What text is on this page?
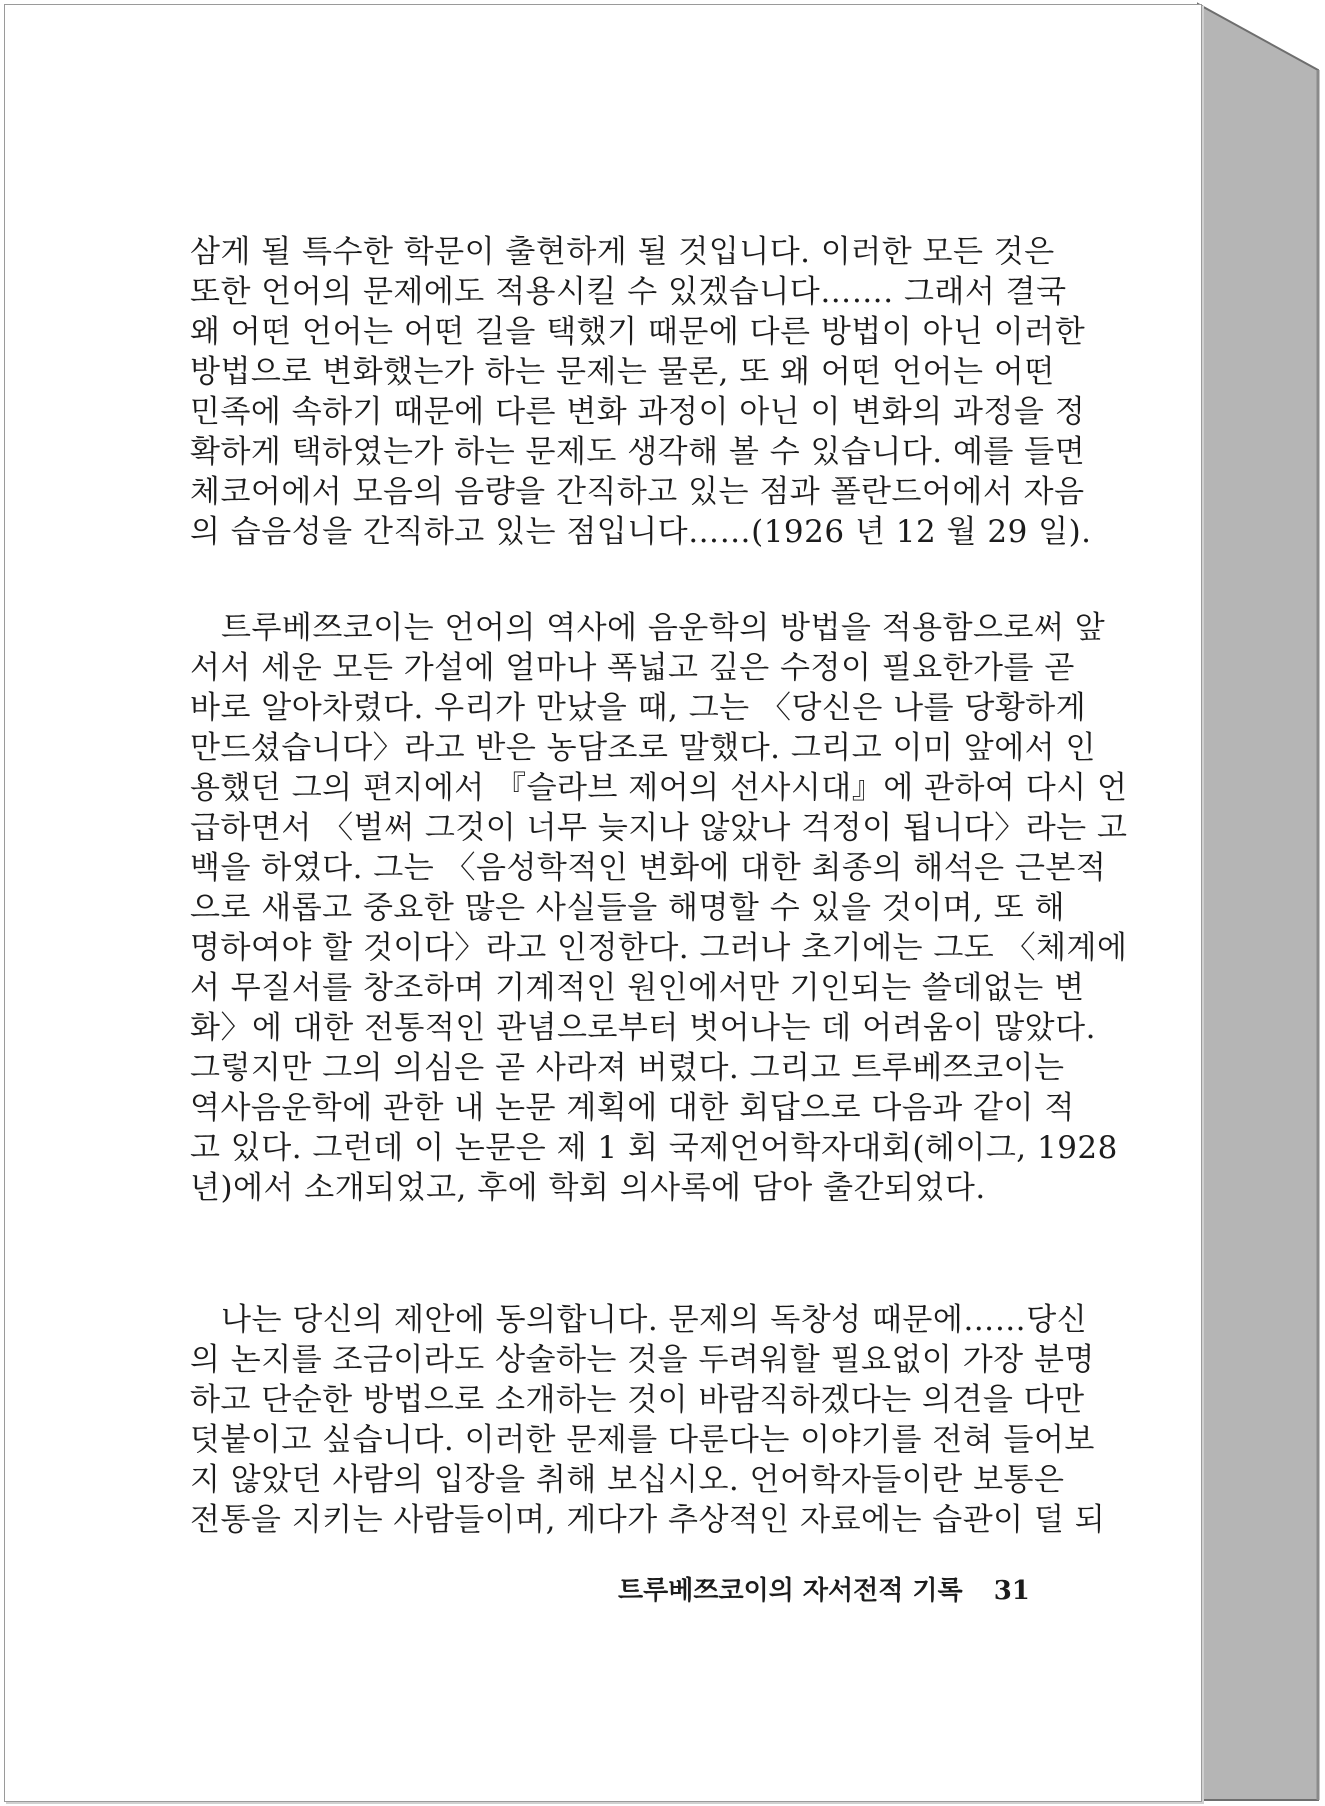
삼게 될 특수한 학문이 출현하게 될 것입니다. 이러한 모든 것은
또한 언어의 문제에도 적용시킬 수 있겠습니다……. 그래서 결국
왜 어떤 언어는 어떤 길을 택했기 때문에 다른 방법이 아닌 이러한
방법으로 변화했는가 하는 문제는 물론, 또 왜 어떤 언어는 어떤
민족에 속하기 때문에 다른 변화 과정이 아닌 이 변화의 과정을 정
확하게 택하였는가 하는 문제도 생각해 볼 수 있습니다. 예를 들면
체코어에서 모음의 음량을 간직하고 있는 점과 폴란드어에서 자음
의 습음성을 간직하고 있는 점입니다……(1926 년 12 월 29 일).
트루베쯔코이는 언어의 역사에 음운학의 방법을 적용함으로써 앞
서서 세운 모든 가설에 얼마나 폭넓고 깊은 수정이 필요한가를 곧
바로 알아차렸다. 우리가 만났을 때, 그는 〈당신은 나를 당황하게
만드셨습니다〉라고 반은 농담조로 말했다. 그리고 이미 앞에서 인
용했던 그의 편지에서 『슬라브 제어의 선사시대』에 관하여 다시 언
급하면서 〈벌써 그것이 너무 늦지나 않았나 걱정이 됩니다〉라는 고
백을 하였다. 그는 〈음성학적인 변화에 대한 최종의 해석은 근본적
으로 새롭고 중요한 많은 사실들을 해명할 수 있을 것이며, 또 해
명하여야 할 것이다〉라고 인정한다. 그러나 초기에는 그도 〈체계에
서 무질서를 창조하며 기계적인 원인에서만 기인되는 쓸데없는 변
화〉에 대한 전통적인 관념으로부터 벗어나는 데 어려움이 많았다.
그렇지만 그의 의심은 곧 사라져 버렸다. 그리고 트루베쯔코이는
역사음운학에 관한 내 논문 계획에 대한 회답으로 다음과 같이 적
고 있다. 그런데 이 논문은 제 1 회 국제언어학자대회(헤이그, 1928
년)에서 소개되었고, 후에 학회 의사록에 담아 출간되었다.
나는 당신의 제안에 동의합니다. 문제의 독창성 때문에……당신
의 논지를 조금이라도 상술하는 것을 두려워할 필요없이 가장 분명
하고 단순한 방법으로 소개하는 것이 바람직하겠다는 의견을 다만
덧붙이고 싶습니다. 이러한 문제를 다룬다는 이야기를 전혀 들어보
지 않았던 사람의 입장을 취해 보십시오. 언어학자들이란 보통은
전통을 지키는 사람들이며, 게다가 추상적인 자료에는 습관이 덜 되
트루베쯔코이의 자서전적 기록 31
